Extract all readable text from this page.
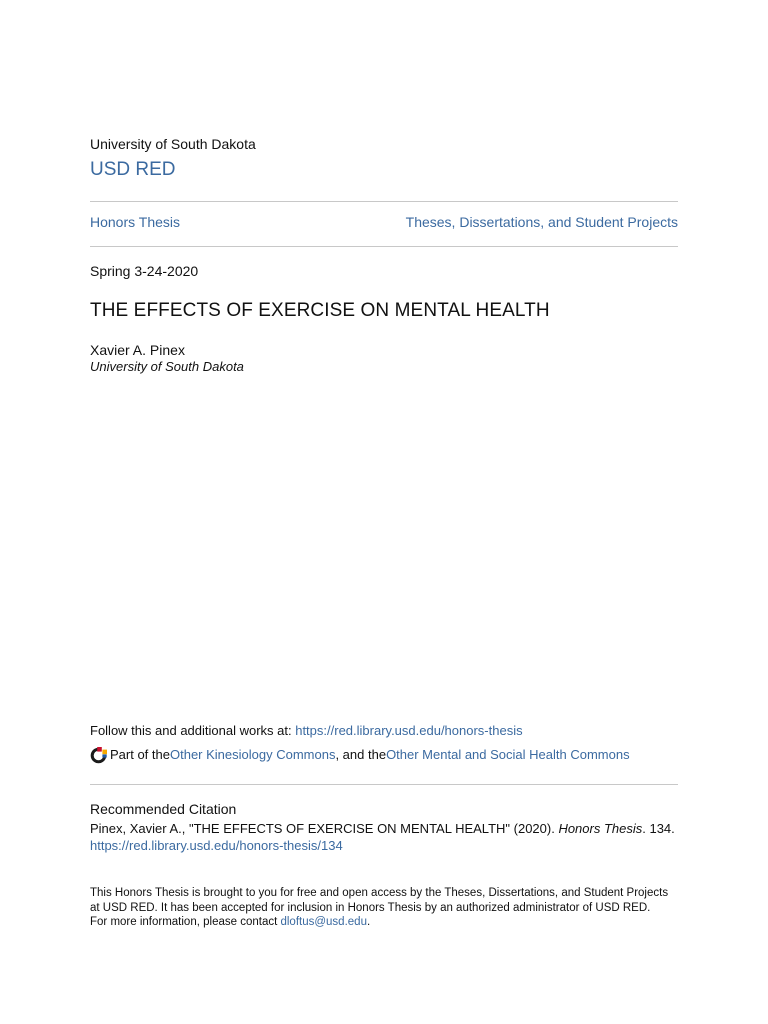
University of South Dakota
USD RED
Honors Thesis	Theses, Dissertations, and Student Projects
Spring 3-24-2020
THE EFFECTS OF EXERCISE ON MENTAL HEALTH
Xavier A. Pinex
University of South Dakota
Follow this and additional works at: https://red.library.usd.edu/honors-thesis
Part of the Other Kinesiology Commons , and the Other Mental and Social Health Commons
Recommended Citation
Pinex, Xavier A., "THE EFFECTS OF EXERCISE ON MENTAL HEALTH" (2020). Honors Thesis. 134.
https://red.library.usd.edu/honors-thesis/134
This Honors Thesis is brought to you for free and open access by the Theses, Dissertations, and Student Projects at USD RED. It has been accepted for inclusion in Honors Thesis by an authorized administrator of USD RED. For more information, please contact dloftus@usd.edu.
